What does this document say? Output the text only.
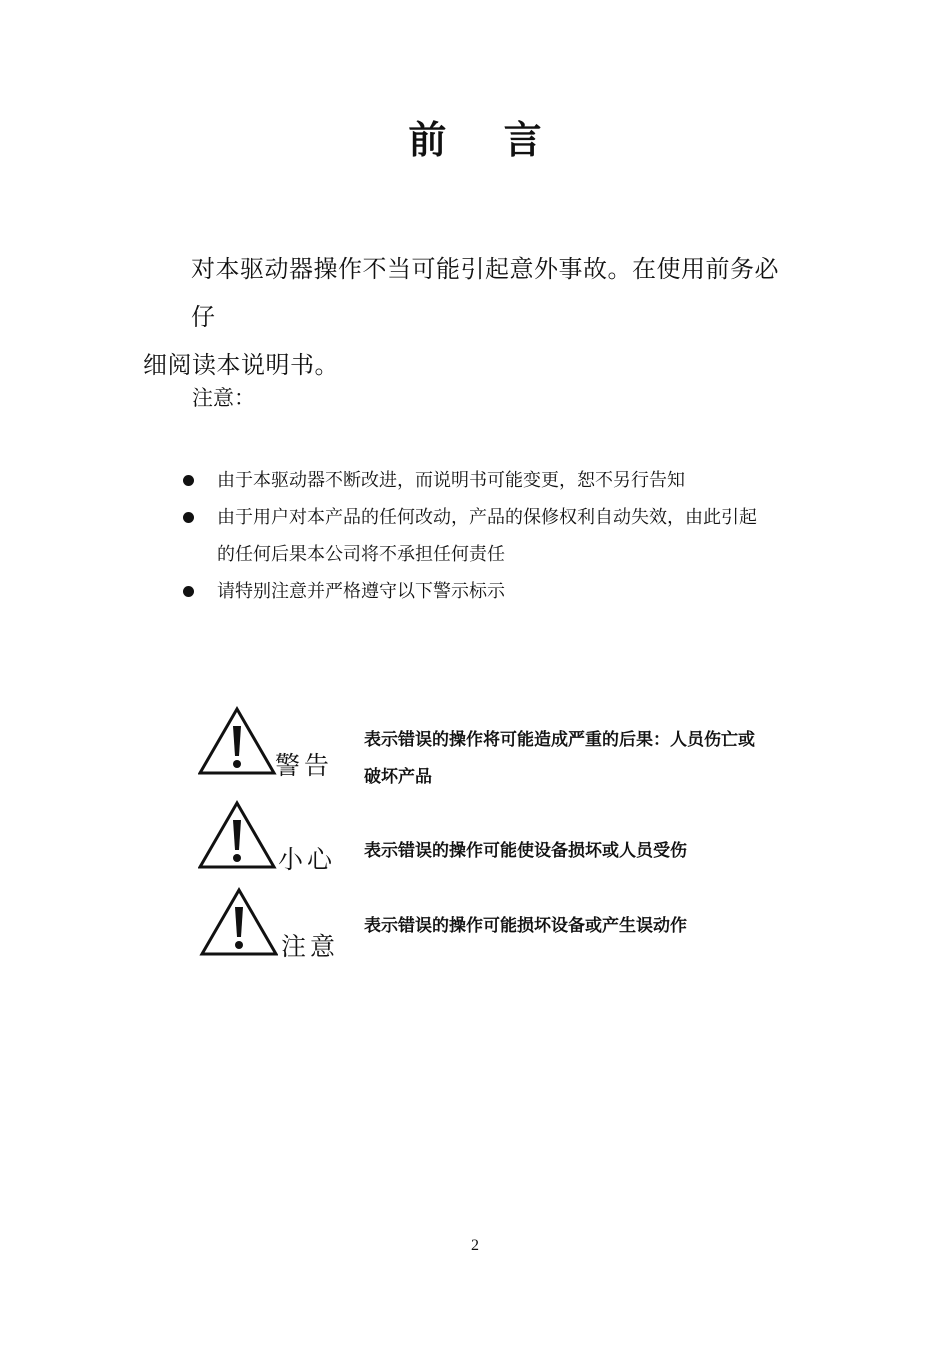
前 言
对本驱动器操作不当可能引起意外事故。在使用前务必仔
细阅读本说明书。
注意：
由于本驱动器不断改进，而说明书可能变更，恕不另行告知
由于用户对本产品的任何改动，产品的保修权利自动失效，由此引起
的任何后果本公司将不承担任何责任
请特别注意并严格遵守以下警示标示
警告
表示错误的操作将可能造成严重的后果：人员伤亡或
破坏产品
小心 表示错误的操作可能使设备损坏或人员受伤
注意
表示错误的操作可能损坏设备或产生误动作
2
